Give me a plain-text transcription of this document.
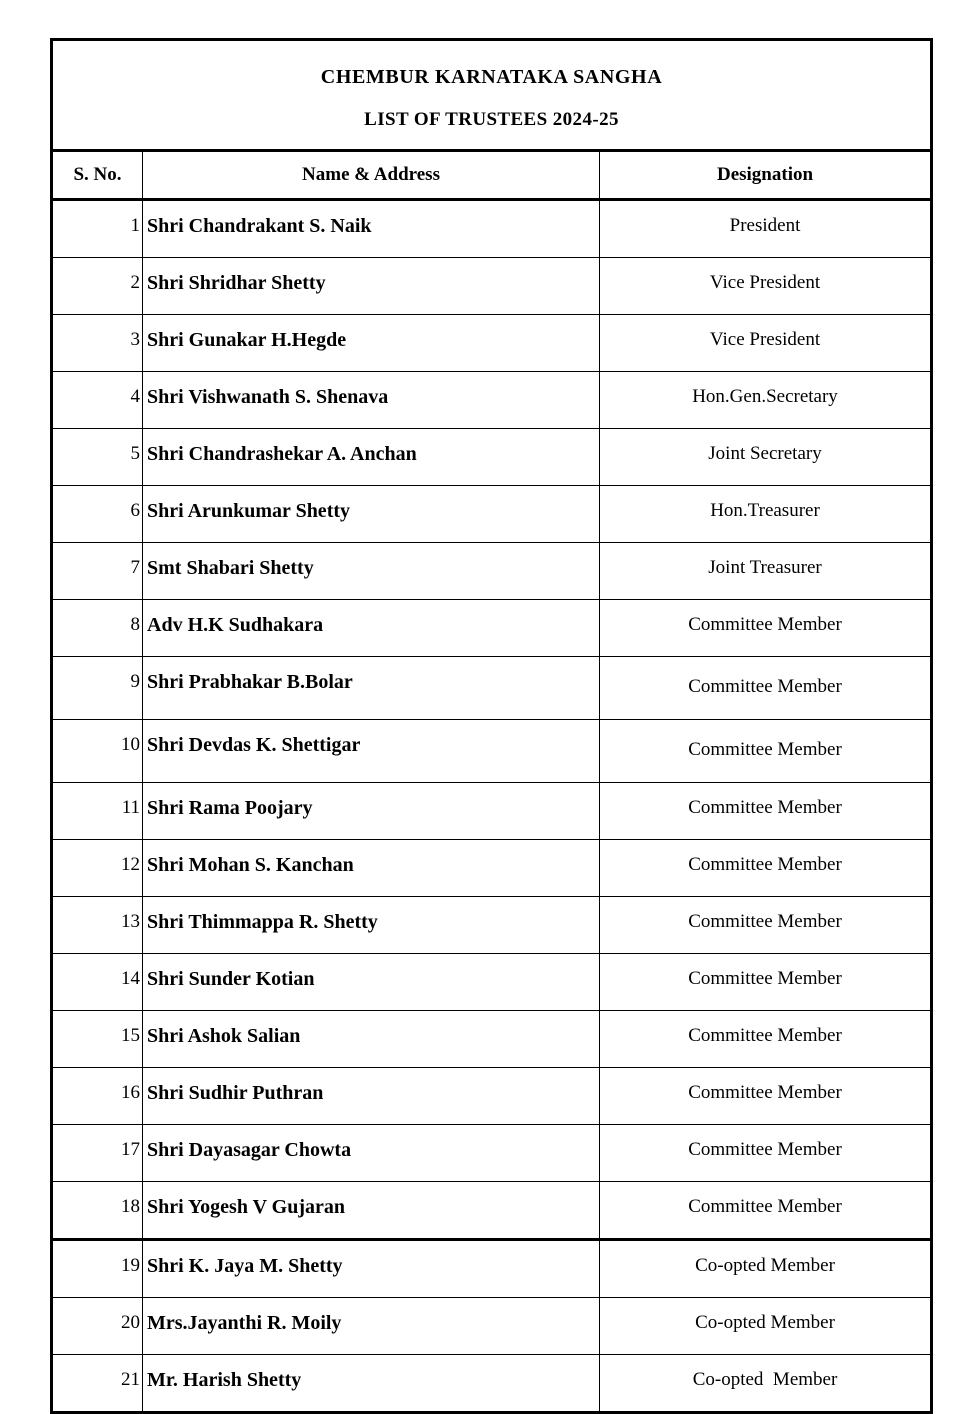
CHEMBUR KARNATAKA SANGHA
LIST OF TRUSTEES 2024-25		

S. No.	Name & Address	Designation
1	Shri Chandrakant S. Naik	President
2	Shri Shridhar Shetty	Vice President
3	Shri Gunakar H.Hegde	Vice President
4	Shri Vishwanath S. Shenava	Hon.Gen.Secretary
5	Shri Chandrashekar A. Anchan	Joint Secretary
6	Shri Arunkumar Shetty	Hon.Treasurer
7	Smt Shabari Shetty	Joint Treasurer
8	Adv H.K Sudhakara	Committee Member
9	Shri Prabhakar B.Bolar	Committee Member
10	Shri Devdas K. Shettigar	Committee Member
11	Shri Rama Poojary	Committee Member
12	Shri Mohan S. Kanchan	Committee Member
13	Shri Thimmappa R. Shetty	Committee Member
14	Shri Sunder Kotian	Committee Member
15	Shri Ashok Salian	Committee Member
16	Shri Sudhir Puthran	Committee Member
17	Shri Dayasagar Chowta	Committee Member
18	Shri Yogesh V Gujaran	Committee Member
19	Shri K. Jaya M. Shetty	Co-opted Member
20	Mrs.Jayanthi R. Moily	Co-opted Member
21	Mr. Harish Shetty	Co-opted  Member
